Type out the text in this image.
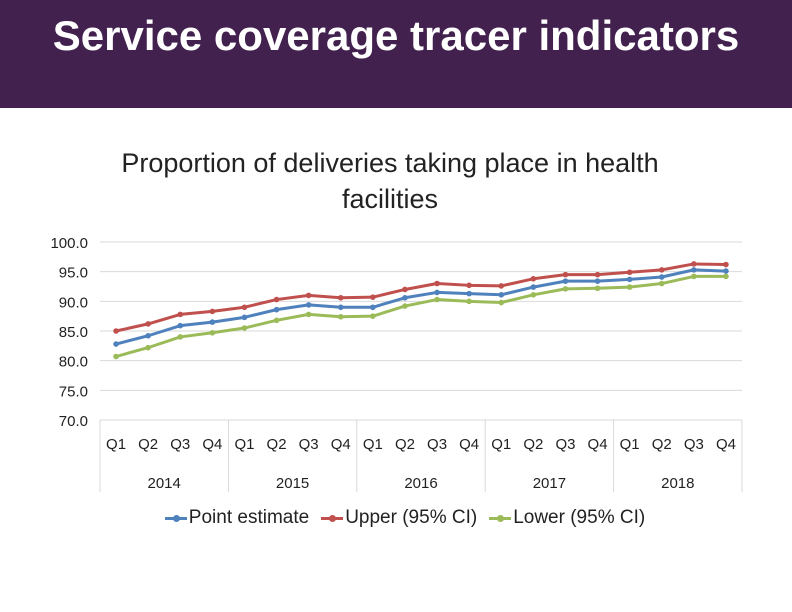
Service coverage tracer indicators
Proportion of deliveries taking place in health facilities
100.0
95.0
90.0
85.0
80.0
75.0
70.0
Q1 Q2 Q3 Q4 Q1 Q2 Q3 Q4 Q1 Q2 Q3 Q4 Q1 Q2 Q3 Q4 Q1 Q2 Q3 Q4
2014	2015	2016	2017	2018
Point estimate Upper (95% CI) Lower (95% CI)
